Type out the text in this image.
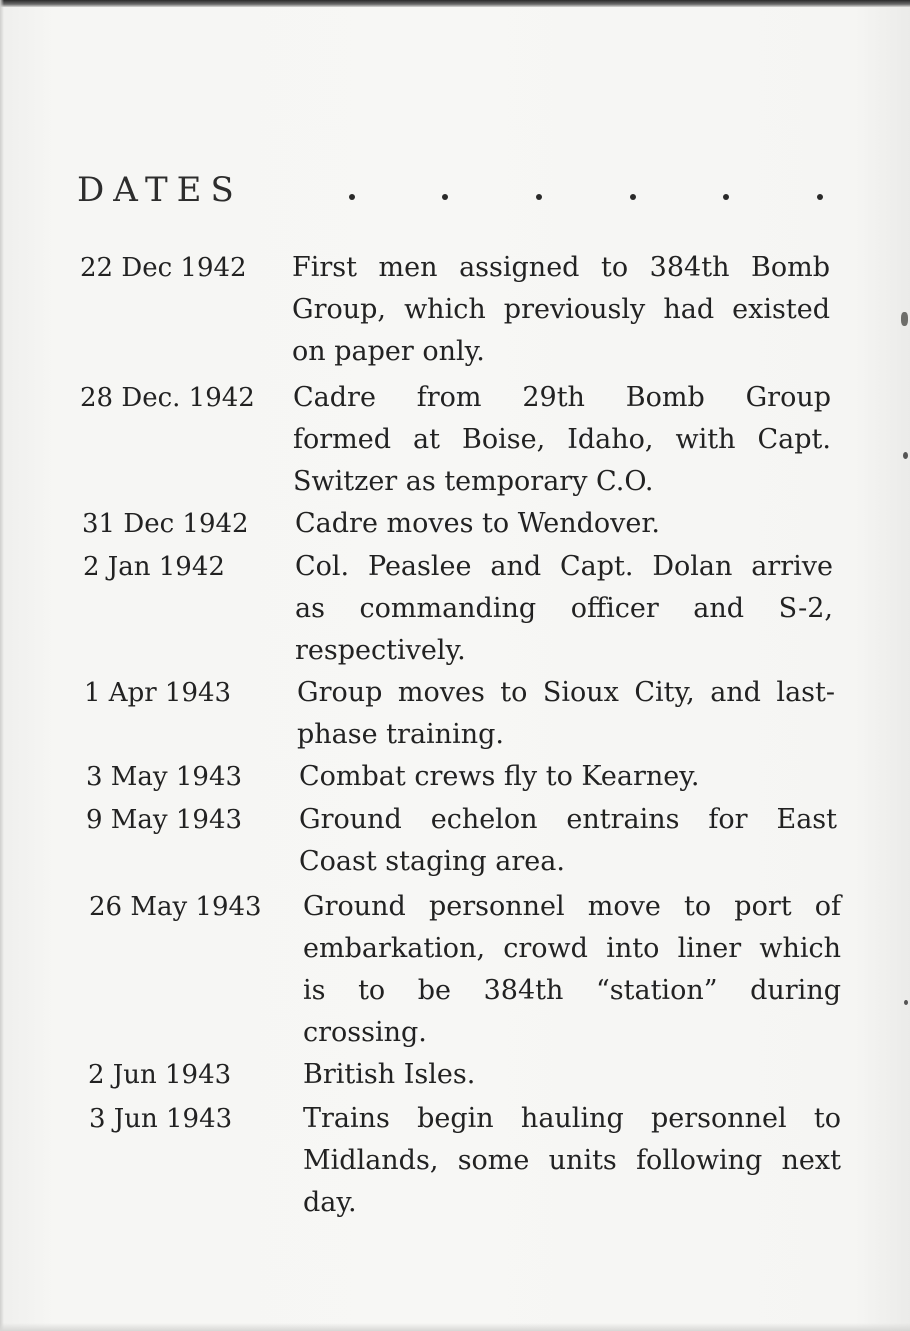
DATES
22 Dec 1942 First men assigned to 384th Bomb
Group, which previously had existed
on paper only.
28 Dec. 1942 Cadre from 29th Bomb Group
formed at Boise, Idaho, with Capt.
Switzer as temporary C.O.
31 Dec 1942 Cadre moves to Wendover.
2 Jan 1942	Col. Peaslee and Capt. Dolan arrive
as commanding officer and S-2,
respectively.
1 Apr 1943 Group moves to Sioux City, and last-
phase training.
3 May 1943 Combat crews fly to Kearney.
9 May 1943 Ground echelon entrains for East
Coast staging area.
26 May 1943 Ground personnel move to port of
embarkation, crowd into liner which
is to be 384th “station” during
crossing.
2 Jun 1943	British Isles.
3 Jun 1943	Trains begin hauling personnel to
Midlands, some units following next
day.
